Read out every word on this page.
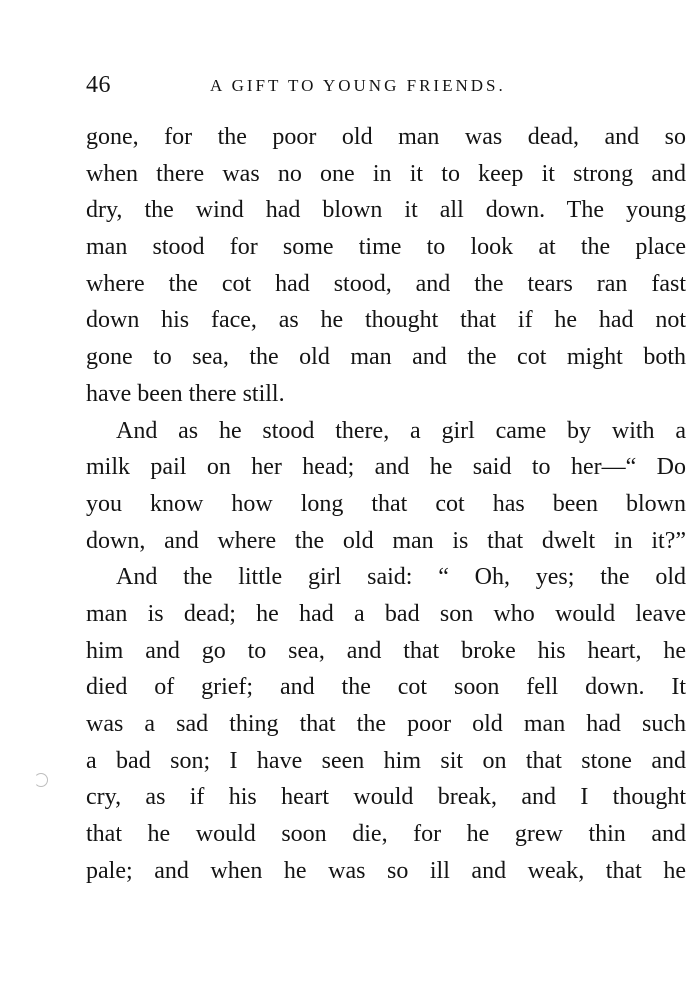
46	A GIFT TO YOUNG FRIENDS.
gone, for the poor old man was dead, and so
when there was no one in it to keep it strong and
dry, the wind had blown it all down. The young
man stood for some time to look at the place
where the cot had stood, and the tears ran fast
down his face, as he thought that if he had not
gone to sea, the old man and the cot might both
have been there still.
And as he stood there, a girl came by with a
milk pail on her head; and he said to her—“ Do
you know how long that cot has been blown
down, and where the old man is that dwelt in it?”
And the little girl said: “ Oh, yes; the old
man is dead; he had a bad son who would leave
him and go to sea, and that broke his heart, he
died of grief; and the cot soon fell down. It
was a sad thing that the poor old man had such
a bad son; I have seen him sit on that stone and
cry, as if his heart would break, and I thought
that he would soon die, for he grew thin and
pale; and when he was so ill and weak, that he
